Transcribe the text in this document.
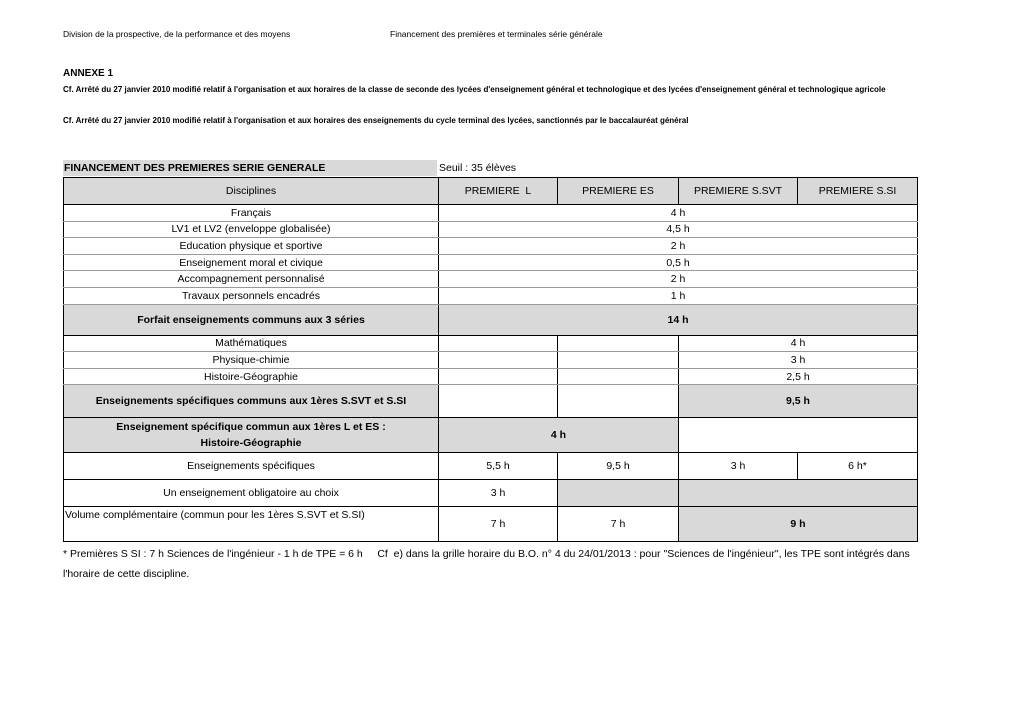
Division de la prospective, de la performance et des moyens	Financement des premières et terminales série générale
ANNEXE 1
Cf. Arrêté du 27 janvier 2010 modifié relatif à l'organisation et aux horaires de la classe de seconde des lycées d'enseignement général et technologique et des lycées d'enseignement général et technologique agricole
Cf. Arrêté du 27 janvier 2010 modifié relatif à l'organisation et aux horaires des enseignements du cycle terminal des lycées, sanctionnés par le baccalauréat général
FINANCEMENT DES PREMIERES SERIE GENERALE	Seuil : 35 élèves
Disciplines	PREMIERE  L	PREMIERE ES	PREMIERE S.SVT	PREMIERE S.SI
Français	4 h			
LV1 et LV2 (enveloppe globalisée)	4,5 h			
Education physique et sportive	2 h			
Enseignement moral et civique	0,5 h			
Accompagnement personnalisé	2 h			
Travaux personnels encadrés	1 h			
Forfait enseignements communs aux 3 séries	14 h			
Mathématiques			4 h	
Physique-chimie			3 h	
Histoire-Géographie			2,5 h	
Enseignements spécifiques communs aux 1ères S.SVT et S.SI			9,5 h	
Enseignement spécifique commun aux 1ères L et ES : Histoire-Géographie	4 h			
Enseignements spécifiques	5,5 h	9,5 h	3 h	6 h*
Un enseignement obligatoire au choix	3 h			
Volume complémentaire (commun pour les 1ères S.SVT et S.SI)	7 h	7 h	9 h	
* Premières S SI : 7 h Sciences de l'ingénieur - 1 h de TPE = 6 h     Cf  e) dans la grille horaire du B.O. n° 4 du 24/01/2013 : pour "Sciences de l'ingénieur", les TPE sont intégrés dans l'horaire de cette discipline.
